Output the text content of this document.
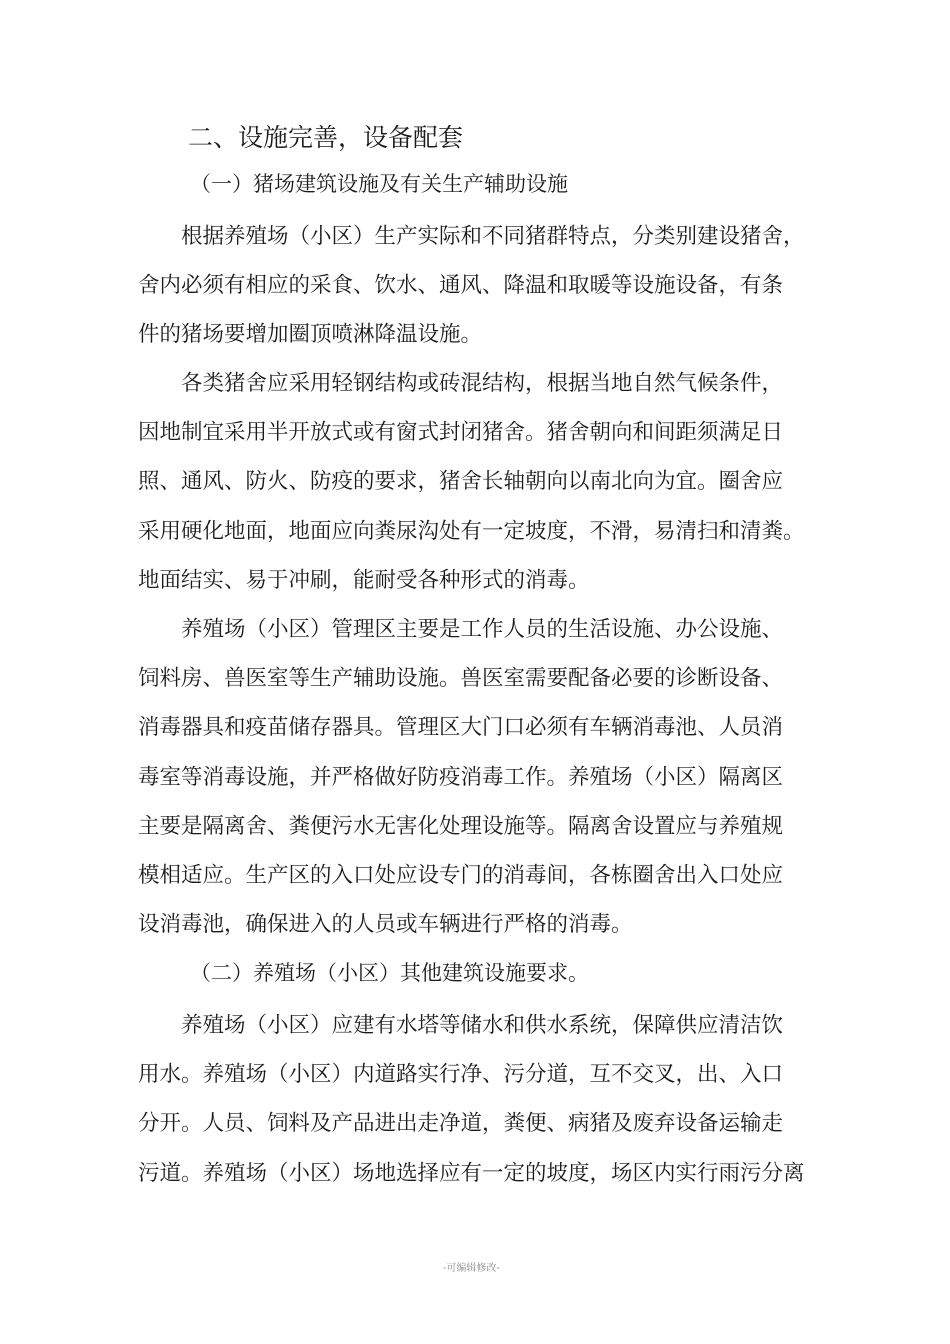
二、设施完善，设备配套
（一）猪场建筑设施及有关生产辅助设施
根据养殖场（小区）生产实际和不同猪群特点，分类别建设猪舍，
舍内必须有相应的采食、饮水、通风、降温和取暖等设施设备，有条
件的猪场要增加圈顶喷淋降温设施。
各类猪舍应采用轻钢结构或砖混结构，根据当地自然气候条件，
因地制宜采用半开放式或有窗式封闭猪舍。猪舍朝向和间距须满足日
照、通风、防火、防疫的要求，猪舍长轴朝向以南北向为宜。圈舍应
采用硬化地面，地面应向粪尿沟处有一定坡度，不滑，易清扫和清粪。
地面结实、易于冲刷，能耐受各种形式的消毒。
养殖场（小区）管理区主要是工作人员的生活设施、办公设施、
饲料房、兽医室等生产辅助设施。兽医室需要配备必要的诊断设备、
消毒器具和疫苗储存器具。管理区大门口必须有车辆消毒池、人员消
毒室等消毒设施，并严格做好防疫消毒工作。养殖场（小区）隔离区
主要是隔离舍、粪便污水无害化处理设施等。隔离舍设置应与养殖规
模相适应。生产区的入口处应设专门的消毒间，各栋圈舍出入口处应
设消毒池，确保进入的人员或车辆进行严格的消毒。
（二）养殖场（小区）其他建筑设施要求。
养殖场（小区）应建有水塔等储水和供水系统，保障供应清洁饮
用水。养殖场（小区）内道路实行净、污分道，互不交叉，出、入口
分开。人员、饲料及产品进出走净道，粪便、病猪及废弃设备运输走
污道。养殖场（小区）场地选择应有一定的坡度，场区内实行雨污分离
-可编辑修改-
